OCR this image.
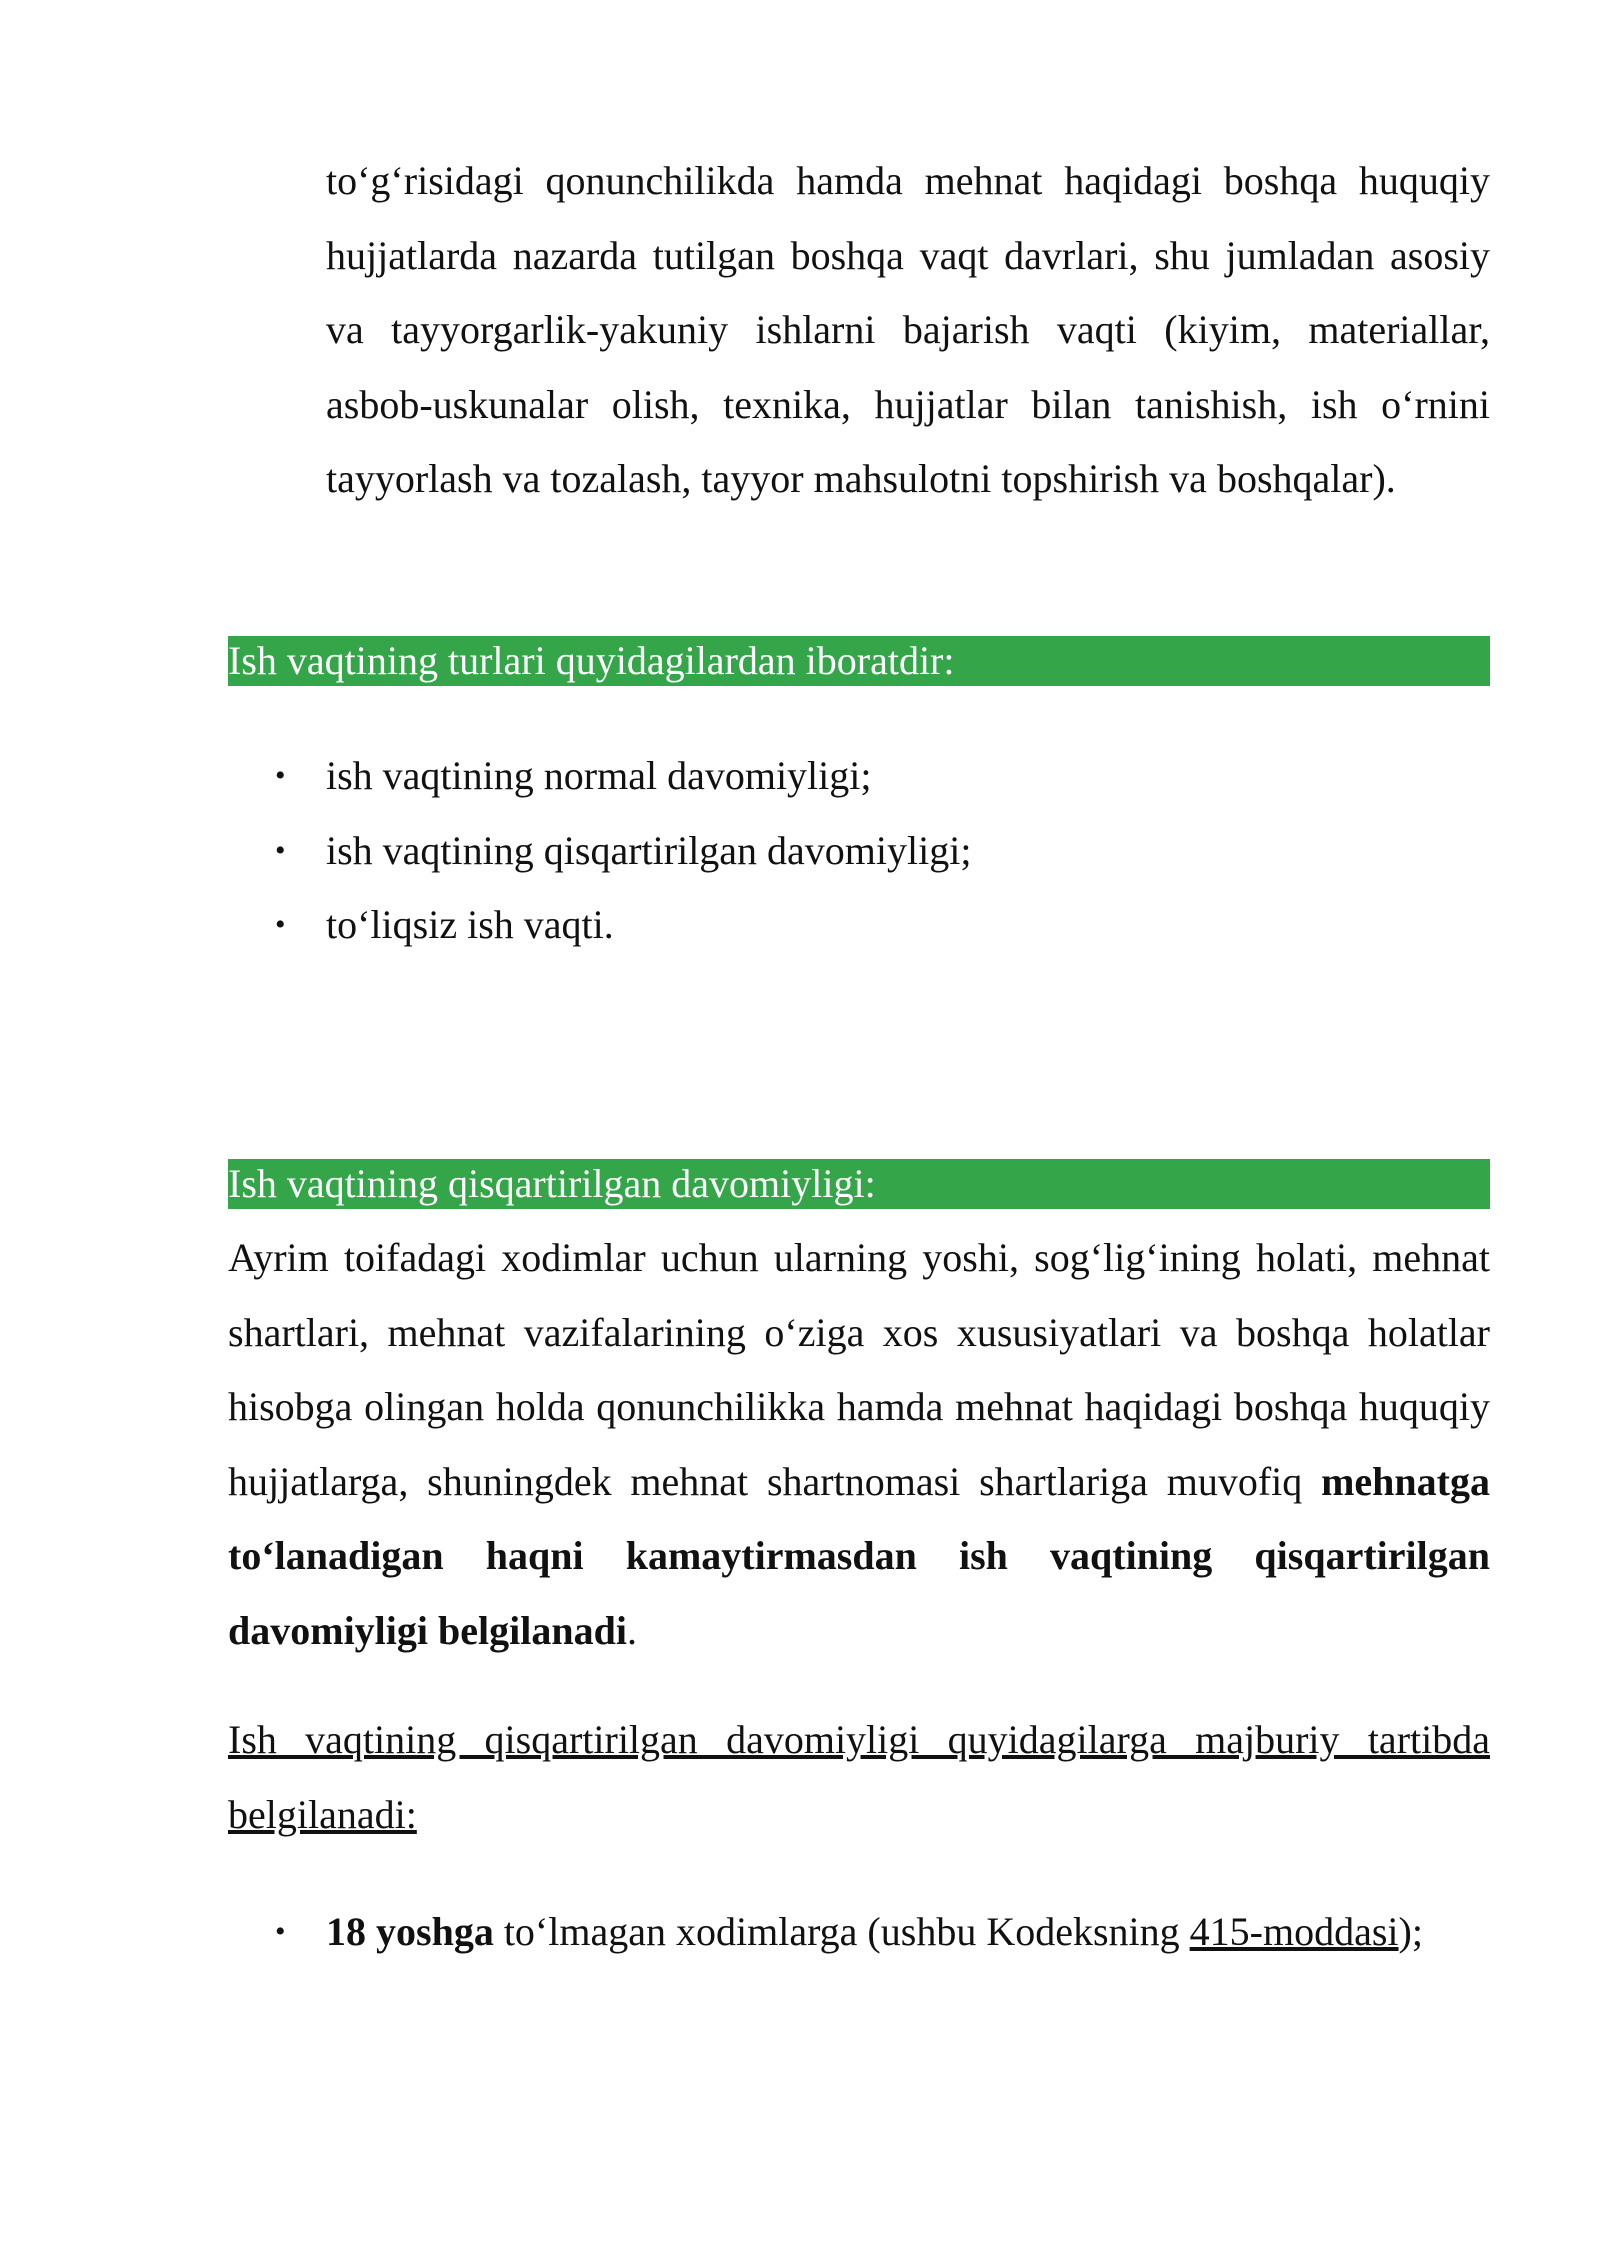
to‘g‘risidagi qonunchilikda hamda mehnat haqidagi boshqa huquqiy hujjatlarda nazarda tutilgan boshqa vaqt davrlari, shu jumladan asosiy va tayyorgarlik-yakuniy ishlarni bajarish vaqti (kiyim, materiallar, asbob-uskunalar olish, texnika, hujjatlar bilan tanishish, ish o‘rnini tayyorlash va tozalash, tayyor mahsulotni topshirish va boshqalar).

Ish vaqtining turlari quyidagilardan iboratdir:
• ish vaqtining normal davomiyligi;
• ish vaqtining qisqartirilgan davomiyligi;
• to‘liqsiz ish vaqti.
Ish vaqtining qisqartirilgan davomiyligi:

Ayrim toifadagi xodimlar uchun ularning yoshi, sog‘lig‘ining holati, mehnat shartlari, mehnat vazifalarining o‘ziga xos xususiyatlari va boshqa holatlar hisobga olingan holda qonunchilikka hamda mehnat haqidagi boshqa huquqiy hujjatlarga, shuningdek mehnat shartnomasi shartlariga muvofiq mehnatga to‘lanadigan haqni kamaytirmasdan ish vaqtining qisqartirilgan davomiyligi belgilanadi.

Ish vaqtining qisqartirilgan davomiyligi quyidagilarga majburiy tartibda belgilanadi:

• 18 yoshga to‘lmagan xodimlarga (ushbu Kodeksning 415-moddasi);
